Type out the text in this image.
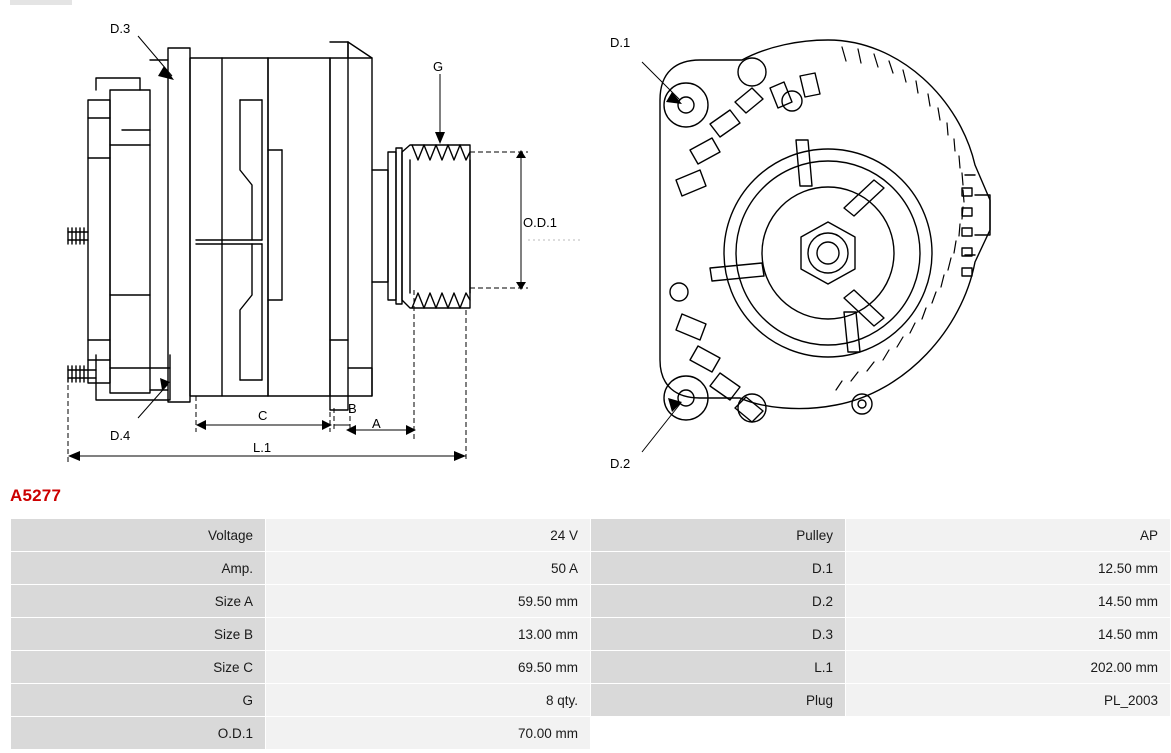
D.3
G
O.D.1
D.4
C	B
A
L.1
D.1
D.2
A5277
Voltage	24 V	Pulley	AP
Amp.	50 A	D.1	12.50 mm
Size A	59.50 mm	D.2	14.50 mm
Size B	13.00 mm	D.3	14.50 mm
Size C	69.50 mm	L.1	202.00 mm
G	8 qty.	Plug	PL_2003
O.D.1	70.00 mm		
